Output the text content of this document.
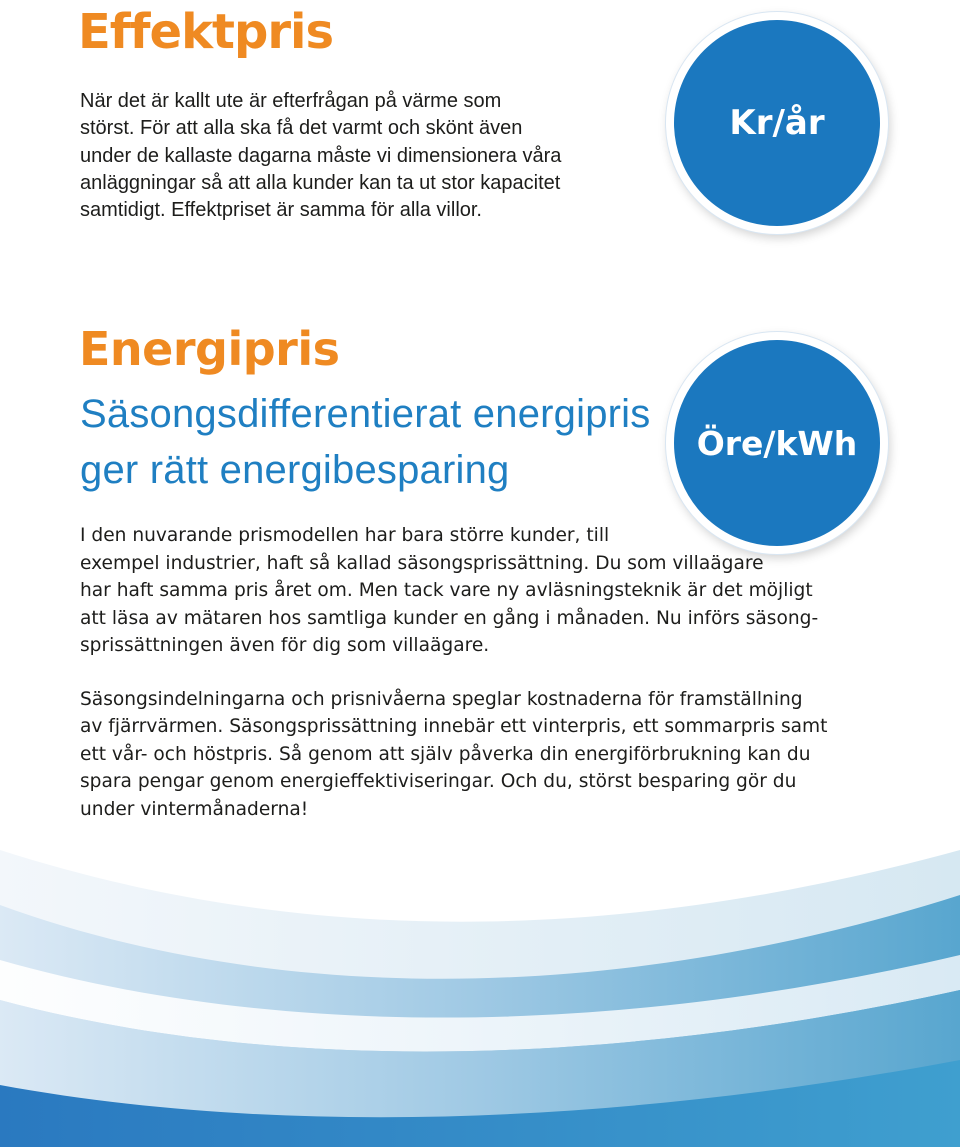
Effektpris

När det är kallt ute är efterfrågan på värme som
störst. För att alla ska få det varmt och skönt även
under de kallaste dagarna måste vi dimensionera våra
anläggningar så att alla kunder kan ta ut stor kapacitet
samtidigt. Effektpriset är samma för alla villor.

Kr/år
Energipris

Säsongsdifferentierat energipris
ger rätt energibesparing

Öre/kWh

I den nuvarande prismodellen har bara större kunder, till
exempel industrier, haft så kallad säsongsprissättning. Du som villaägare
har haft samma pris året om. Men tack vare ny avläsningsteknik är det möjligt
att läsa av mätaren hos samtliga kunder en gång i månaden. Nu införs säsong-
sprissättningen även för dig som villaägare.

Säsongsindelningarna och prisnivåerna speglar kostnaderna för framställning
av fjärrvärmen. Säsongsprissättning innebär ett vinterpris, ett sommarpris samt
ett vår- och höstpris. Så genom att själv påverka din energiförbrukning kan du
spara pengar genom energieffektiviseringar. Och du, störst besparing gör du
under vintermånaderna!
